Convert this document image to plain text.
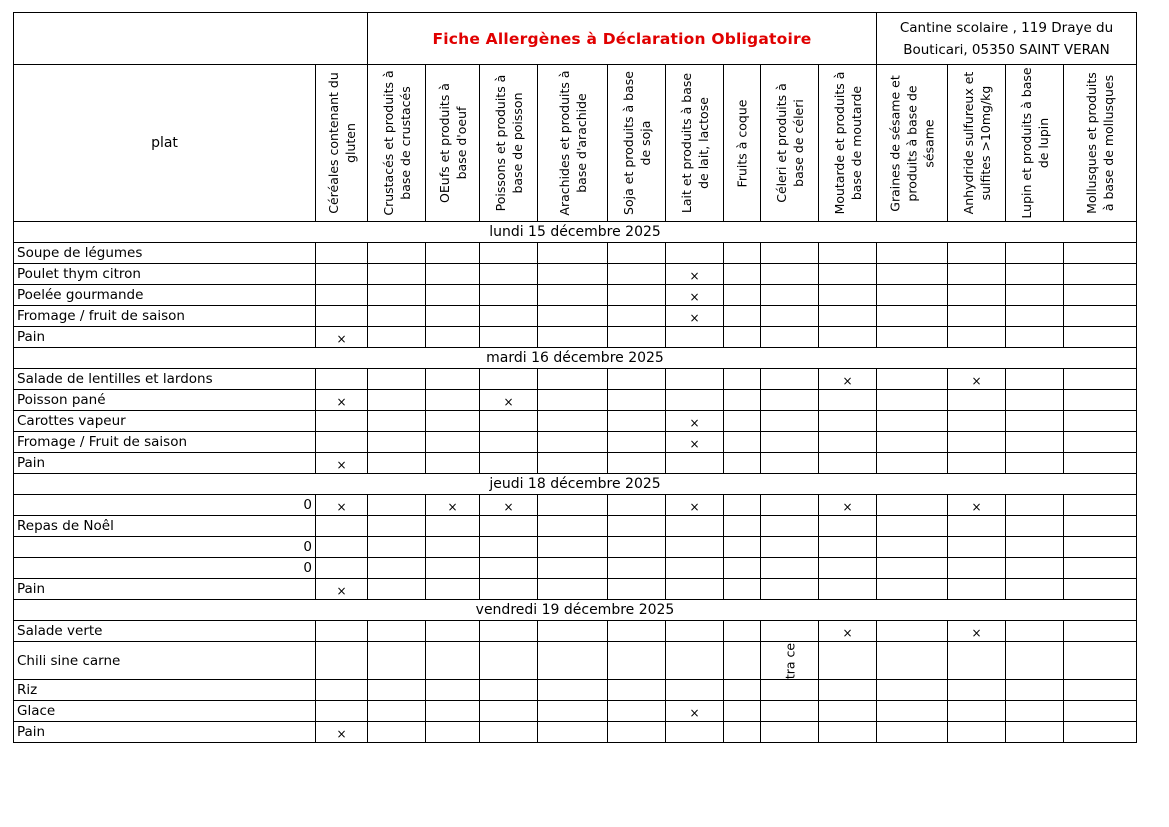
		Fiche Allergènes à Déclaration Obligatoire									Cantine scolaire , 119 Draye du Bouticari, 05350 SAINT VERAN			
plat	Céréales contenant du gluten	Crustacés et produits à base de crustacés	OEufs et produits à base d'oeuf	Poissons et produits à base de poisson	Arachides et produits à base d'arachide	Soja et produits à base de soja	Lait et produits à base de lait, lactose	Fruits à coque	Céleri et produits à base de céleri	Moutarde et produits à base de moutarde	Graines de sésame et produits à base de sésame	Anhydride sulfureux et sulfites >10mg/kg	Lupin et produits à base de lupin	Mollusques et produits à base de mollusques

lundi 15 décembre 2025														
Soupe de légumes														
Poulet thym citron							×							
Poelée gourmande							×							
Fromage / fruit de saison							×							
Pain	×													
mardi 16 décembre 2025														
Salade de lentilles et lardons										×		×		
Poisson pané	×			×										
Carottes vapeur							×							
Fromage / Fruit de saison							×							
Pain	×													
jeudi 18 décembre 2025														
0	×		×	×			×			×		×		
Repas de Noêl														
0														
0														
Pain	×													
vendredi 19 décembre 2025														
Salade verte										×		×		
Chili sine carne									tra ce					

Riz														
Glace							×							
Pain	×													
